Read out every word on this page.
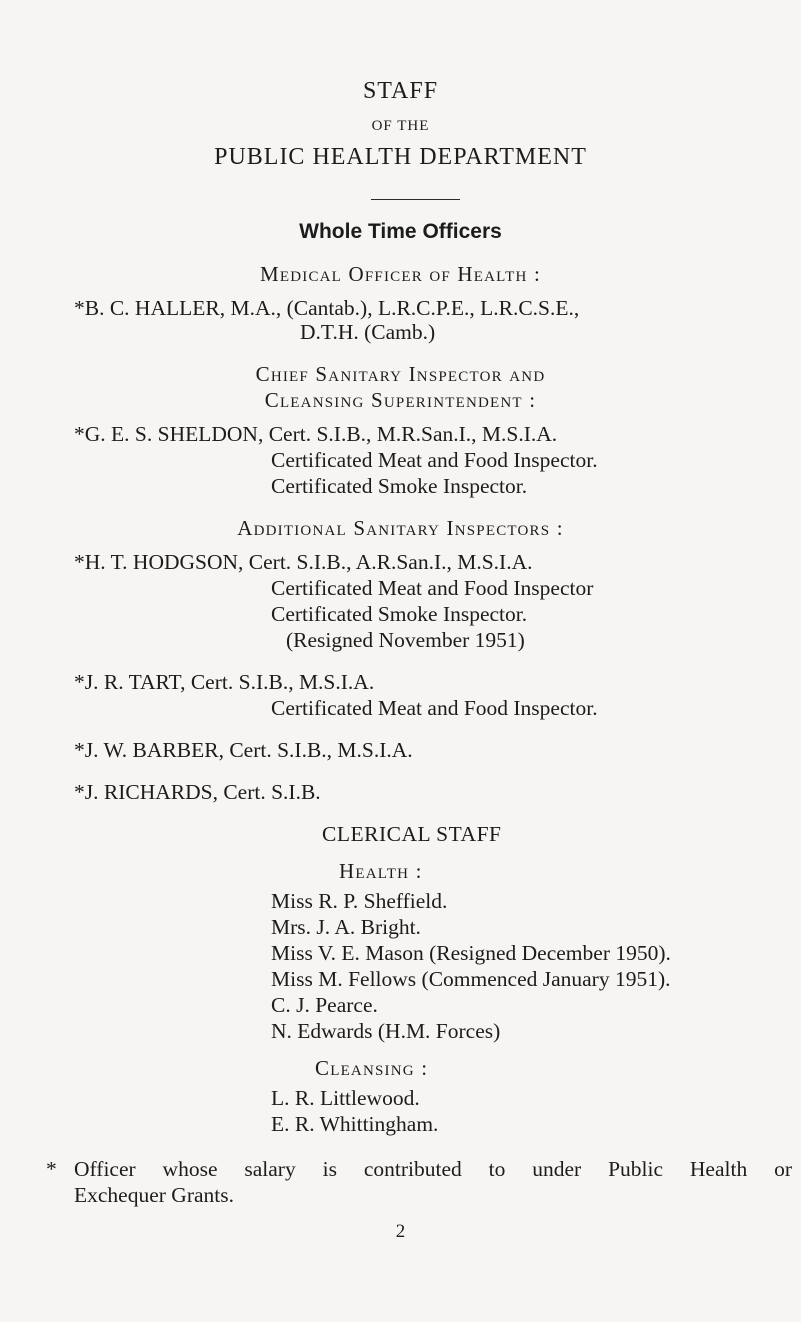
STAFF
OF THE
PUBLIC HEALTH DEPARTMENT
Whole Time Officers
Medical Officer of Health :
*B. C. HALLER, M.A., (Cantab.), L.R.C.P.E., L.R.C.S.E.,
D.T.H. (Camb.)
Chief Sanitary Inspector and
Cleansing Superintendent :
*G. E. S. SHELDON, Cert. S.I.B., M.R.San.I., M.S.I.A.
Certificated Meat and Food Inspector.
Certificated Smoke Inspector.
Additional Sanitary Inspectors :
*H. T. HODGSON, Cert. S.I.B., A.R.San.I., M.S.I.A.
Certificated Meat and Food Inspector
Certificated Smoke Inspector.
(Resigned November 1951)
*J. R. TART, Cert. S.I.B., M.S.I.A.
Certificated Meat and Food Inspector.
*J. W. BARBER, Cert. S.I.B., M.S.I.A.
*J. RICHARDS, Cert. S.I.B.
CLERICAL STAFF
Health :
Miss R. P. Sheffield.
Mrs. J. A. Bright.
Miss V. E. Mason (Resigned December 1950).
Miss M. Fellows (Commenced January 1951).
C. J. Pearce.
N. Edwards (H.M. Forces)
Cleansing :
L. R. Littlewood.
E. R. Whittingham.
* Officer whose salary is contributed to under Public Health or
Exchequer Grants.
2
